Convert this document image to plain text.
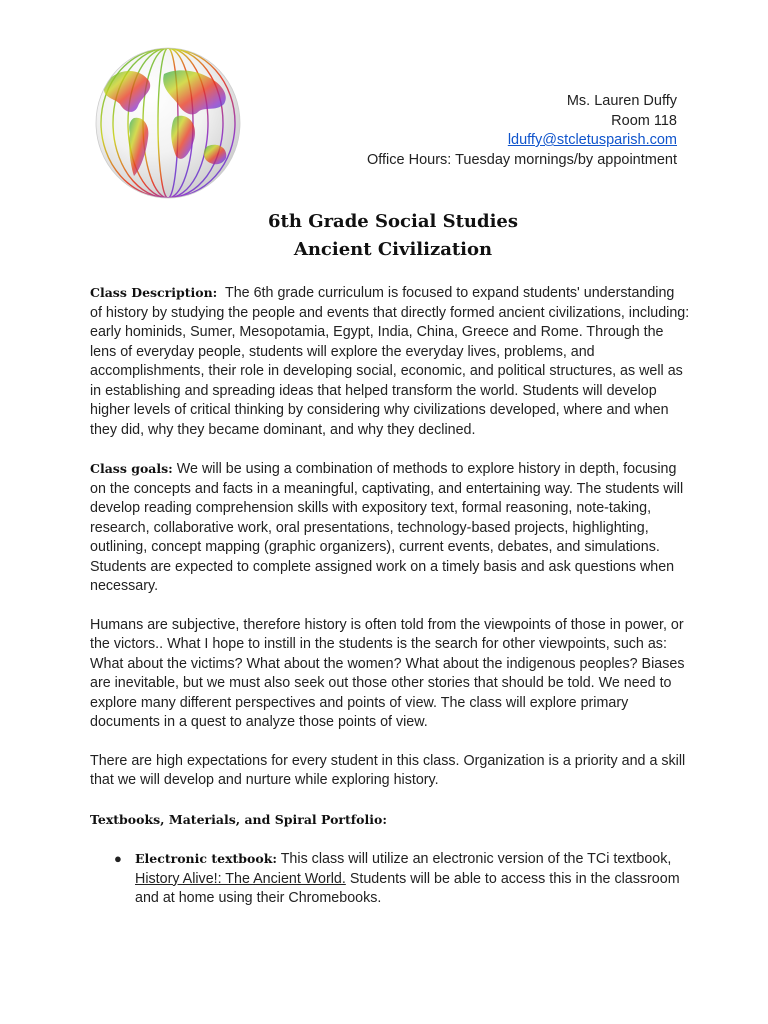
Ms. Lauren Duffy
Room 118
lduffy@stcletusparish.com
Office Hours: Tuesday mornings/by appointment
6th Grade Social Studies
Ancient Civilization

Class Description: The 6th grade curriculum is focused to expand students' understanding of history by studying the people and events that directly formed ancient civilizations, including: early hominids, Sumer, Mesopotamia, Egypt, India, China, Greece and Rome. Through the lens of everyday people, students will explore the everyday lives, problems, and accomplishments, their role in developing social, economic, and political structures, as well as in establishing and spreading ideas that helped transform the world. Students will develop higher levels of critical thinking by considering why civilizations developed, where and when they did, why they became dominant, and why they declined.

Class goals: We will be using a combination of methods to explore history in depth, focusing on the concepts and facts in a meaningful, captivating, and entertaining way. The students will develop reading comprehension skills with expository text, formal reasoning, note-taking, research, collaborative work, oral presentations, technology-based projects, highlighting, outlining, concept mapping (graphic organizers), current events, debates, and simulations. Students are expected to complete assigned work on a timely basis and ask questions when necessary.

Humans are subjective, therefore history is often told from the viewpoints of those in power, or the victors.. What I hope to instill in the students is the search for other viewpoints, such as: What about the victims? What about the women? What about the indigenous peoples? Biases are inevitable, but we must also seek out those other stories that should be told. We need to explore many different perspectives and points of view. The class will explore primary documents in a quest to analyze those points of view.

There are high expectations for every student in this class. Organization is a priority and a skill that we will develop and nurture while exploring history.

Textbooks, Materials, and Spiral Portfolio:
● Electronic textbook: This class will utilize an electronic version of the TCi textbook, History Alive!: The Ancient World. Students will be able to access this in the classroom and at home using their Chromebooks.
